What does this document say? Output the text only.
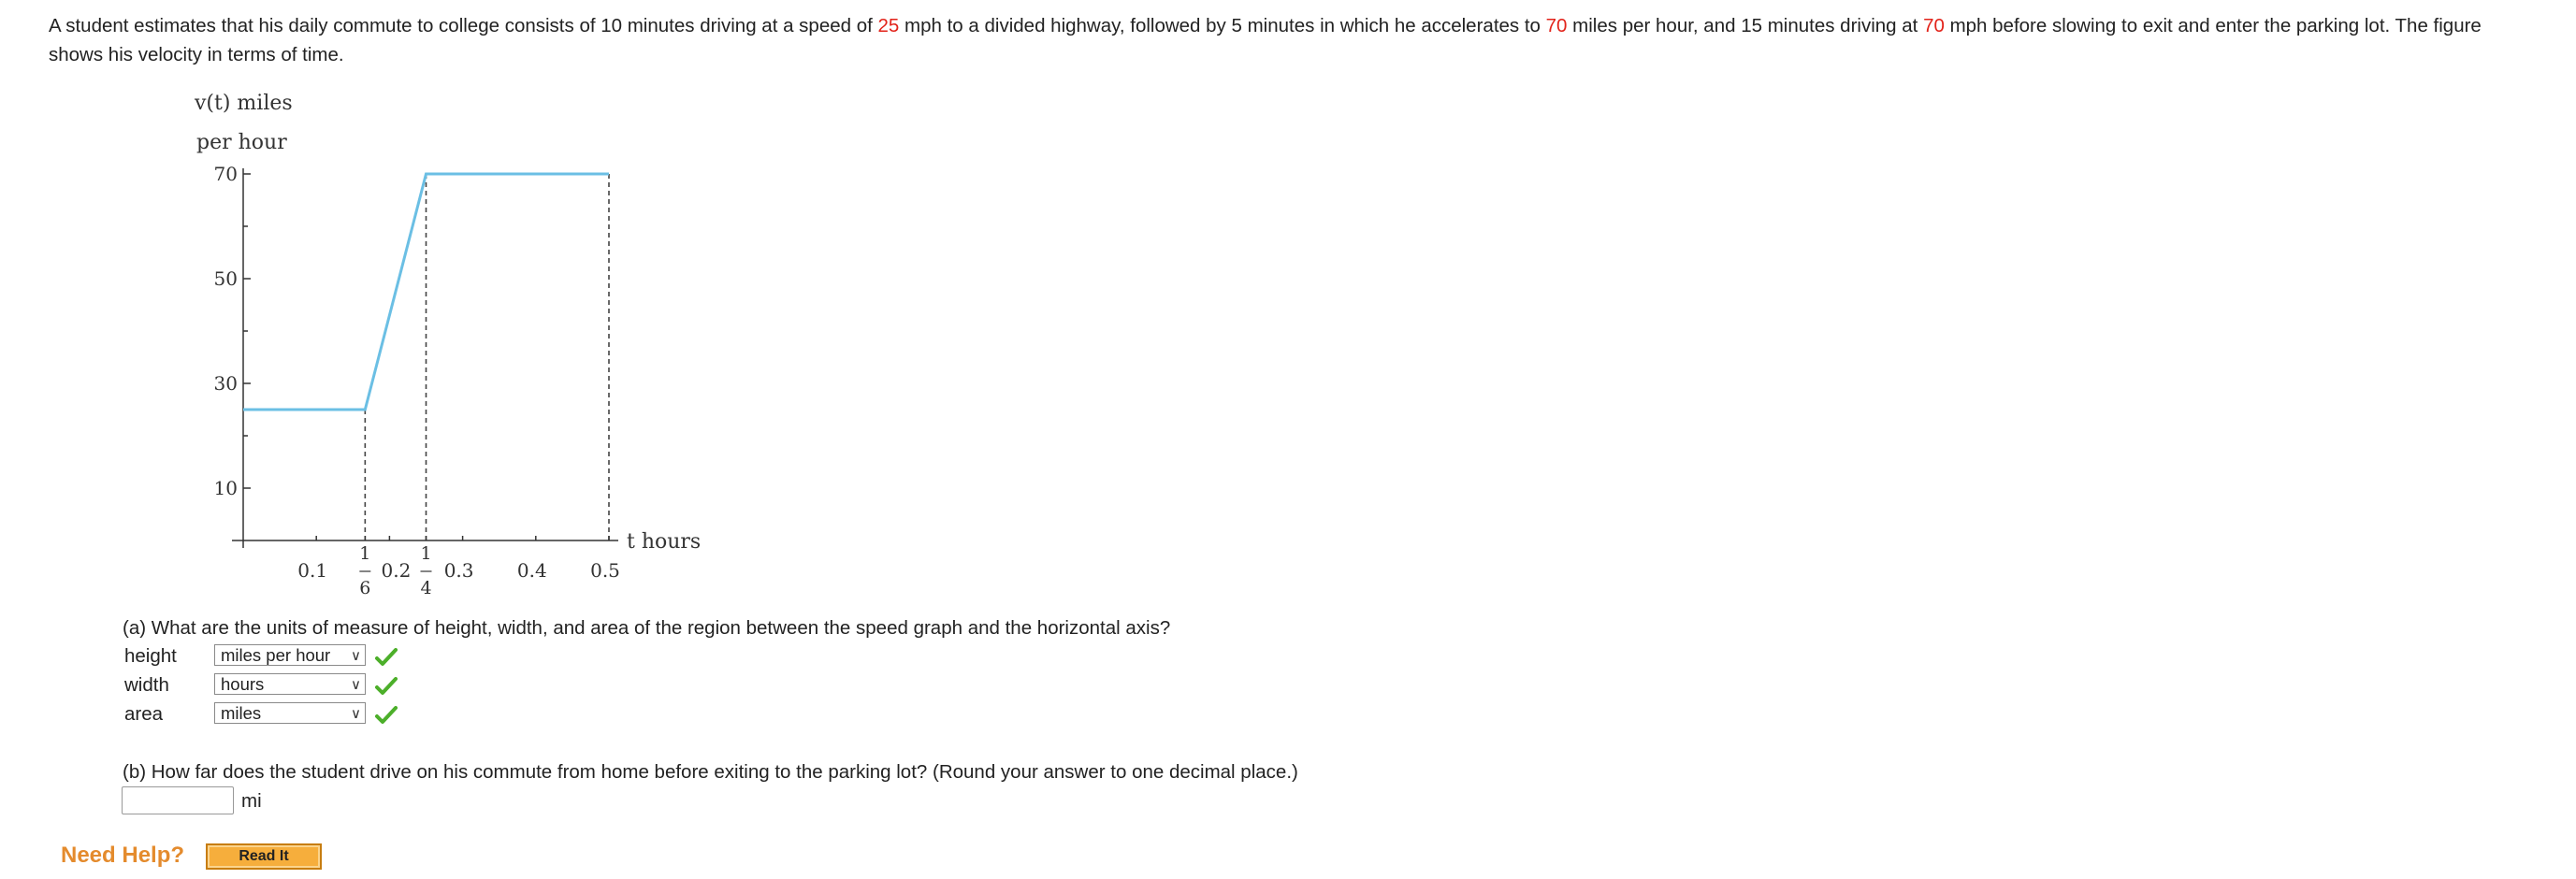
A student estimates that his daily commute to college consists of 10 minutes driving at a speed of 25 mph to a divided highway, followed by 5 minutes in which he accelerates to 70 miles per hour, and 15 minutes driving at 70 mph before slowing to exit and enter the parking lot. The figure shows his velocity in terms of time.
v(t) miles
per hour
t hours
10
30
50
70
0.1	0.2 0.3 0.4 0.5
1
6
1
4
(a) What are the units of measure of height, width, and area of the region between the speed graph and the horizontal axis?
height	miles per hour ∨
width	hours	∨
area	miles	∨
(b) How far does the student drive on his commute from home before exiting to the parking lot? (Round your answer to one decimal place.)
mi
Need Help?	Read It
